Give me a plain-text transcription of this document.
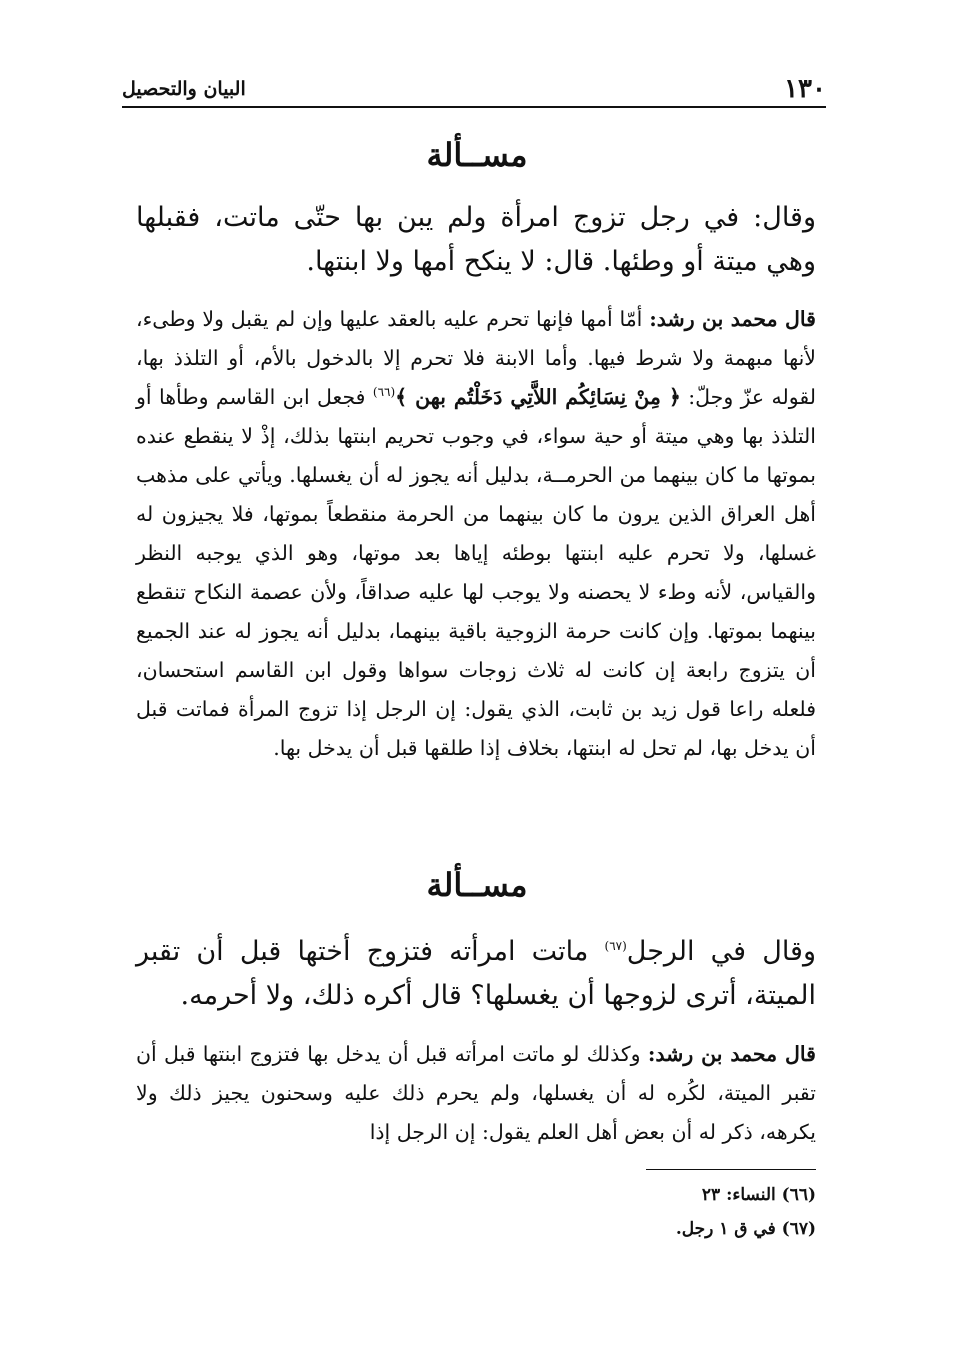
١٣٠
البيان والتحصيل
مســألة
وقال: في رجل تزوج امرأة ولم يبن بها حتّى ماتت، فقبلها وهي ميتة أو وطئها. قال: لا ينكح أمها ولا ابنتها.
قال محمد بن رشد: أمّا أمها فإنها تحرم عليه بالعقد عليها وإن لم يقبل ولا وطىء، لأنها مبهمة ولا شرط فيها. وأما الابنة فلا تحرم إلا بالدخول بالأم، أو التلذذ بها، لقوله عزّ وجلّ: ﴿ مِنْ نِسَائِكُم اللاَّتِي دَخَلْتُم بهن ﴾$^{(٦٦)}$ فجعل ابن القاسم وطأها أو التلذذ بها وهي ميتة أو حية سواء، في وجوب تحريم ابنتها بذلك، إذْ لا ينقطع عنده بموتها ما كان بينهما من الحرمــة، بدليل أنه يجوز له أن يغسلها. ويأتي على مذهب أهل العراق الذين يرون ما كان بينهما من الحرمة منقطعاً بموتها، فلا يجيزون له غسلها، ولا تحرم عليه ابنتها بوطئه إياها بعد موتها، وهو الذي يوجبه النظر والقياس، لأنه وطء لا يحصنه ولا يوجب لها عليه صداقاً، ولأن عصمة النكاح تنقطع بينهما بموتها. وإن كانت حرمة الزوجية باقية بينهما، بدليل أنه يجوز له عند الجميع أن يتزوج رابعة إن كانت له ثلاث زوجات سواها وقول ابن القاسم استحسان، فلعله راعا قول زيد بن ثابت، الذي يقول: إن الرجل إذا تزوج المرأة فماتت قبل أن يدخل بها، لم تحل له ابنتها، بخلاف إذا طلقها قبل أن يدخل بها.
مســألة
وقال في الرجل$^{(٦٧)}$ ماتت امرأته فتزوج أختها قبل أن تقبر الميتة، أترى لزوجها أن يغسلها؟ قال أكره ذلك، ولا أحرمه.
قال محمد بن رشد: وكذلك لو ماتت امرأته قبل أن يدخل بها فتزوج ابنتها قبل أن تقبر الميتة، لكُره له أن يغسلها، ولم يحرم ذلك عليه وسحنون يجيز ذلك ولا يكرهه، ذكر له أن بعض أهل العلم يقول: إن الرجل إذا
(٦٦) النساء: ٢٣
(٦٧) في ق ١ رجل.
